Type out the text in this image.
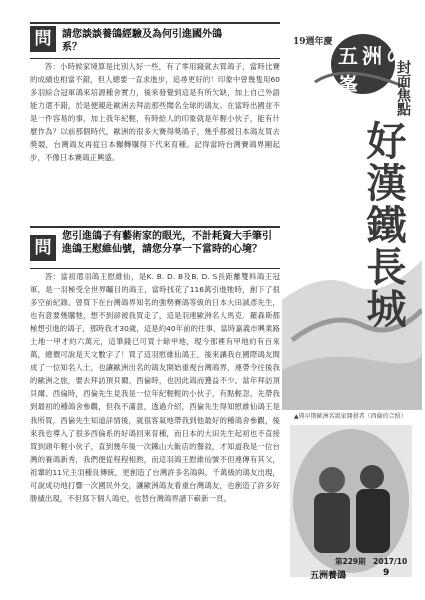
問	請您談談養鴿經驗及為何引進國外鴿系？

答：小時候家境算是比別人好一些，有了零用錢就去買鴿子，當時比賽的成績也相當不錯，但人總要一直求進步，追尋更好的！印象中曾幾隻用60多羽綜合冠軍鴿來培源種舍實力，後來發覺到這是有所欠缺，加上自己外語能力還不錯，於是便親赴歐洲去拜訪那些聞名全球的鴿友。在當時出國並不是一件容易的事，加上我年紀輕，有時給人的印象就是年輕小伙子，能有什麼作為？以前那個時代，歐洲的很多大賽得獎鴿子，幾乎都被日本鴿友買去獎競，台灣鴿友再從日本輾轉購得下代來育種。記得當時台灣賽鴿界剛起步，不像日本賽鴿正興盛。

問
您引進鴿子有藝術家的眼光，不計耗資大手筆引進鴿王慰維仙號，請您分享一下當時的心境？

答：當初還羽鴿王慰維仙，是K. B. D. B及B. D. S長距離雙料鴿王冠軍，是一羽極受全世界矚目的鴿王，當時找花了116萬引進牠時，創下了很多空前紀錄。曾買下在台灣鴿界知名的強勢賽鴿等級的日本大田誠彥先生，也有意要幾購牠，想不到卻被我買走了，這是羽連歐洲名人馬克．羅森斯都極想引進的鴿子，那時我才30歲，這是約40年前的往事，當時嘉義市興業路土地一甲才約六萬元，這筆錢已可買十餘甲地，現今那裡有甲地約有百來萬，總價可說是天文數字了！買了這羽慰維仙鴿王，後來讓我在國際鴿友間成了一位知名人士，也讓歐洲出名的鴿友開始重視台灣鴿界，連帶令往後我的歐洲之旅，要去拜訪頂貝爾、西倫時，也因此鴿而獲益不少。當年拜訪頂貝爾、西倫時，西倫先生見我是一位年紀輕輕的小伙子，有點輕忽，先帶我到最初的種鴿舍參觀，但我不滿意，透過介紹，西倫先生得知慰維仙鴿王是我所買，西倫先生知道詳情後，就很客氣地帶我到他最好的種鴿舍參觀，後來我也導入了很多西倫系的好鴿回來育種，而日本的大田先生起初也不直接買到頭年輕小伙子，直到幾年後一次鐵山大飯店的餐敘，才知道我是一位台灣的養鴿新秀，我們便從程程相熟，而這羽鴿王慰維仙號不但連傳有其父，祖輩的11兄主羽種良傳統，更創造了台灣許多名鴿與，千萬級的鴿友出現，可說成功地打響一次國民外交，讓歐洲鴿友看重台灣鴿友，也創造了許多好勝績出現，不但寫下個人鴿史，也替台灣鴿界譜下嶄新一頁。

五洲の峯
19週年慶
封面焦點
好漢鐵長城
▲與早期歐洲名鴿家開發者（西倫的合照）
第229期　2017/10
五洲養鴿	9
